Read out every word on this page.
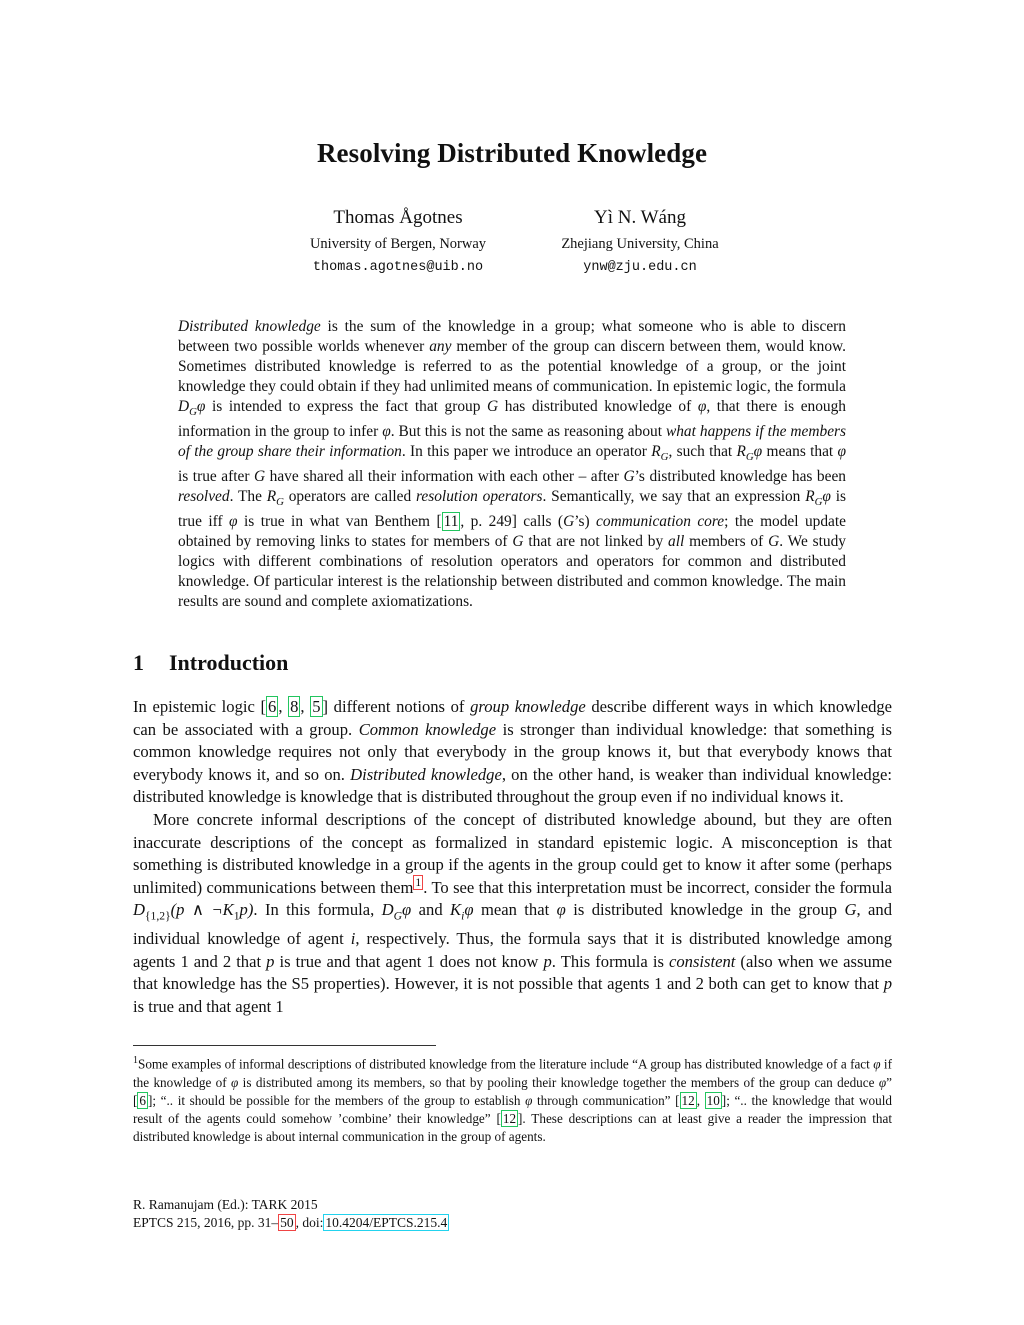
Resolving Distributed Knowledge
Thomas Ågotnes
University of Bergen, Norway
thomas.agotnes@uib.no
Yì N. Wáng
Zhejiang University, China
ynw@zju.edu.cn
Distributed knowledge is the sum of the knowledge in a group; what someone who is able to discern between two possible worlds whenever any member of the group can discern between them, would know. Sometimes distributed knowledge is referred to as the potential knowledge of a group, or the joint knowledge they could obtain if they had unlimited means of communication. In epistemic logic, the formula $D_G\varphi$ is intended to express the fact that group G has distributed knowledge of φ, that there is enough information in the group to infer φ. But this is not the same as reasoning about what happens if the members of the group share their information. In this paper we introduce an operator $R_G$, such that $R_G\varphi$ means that φ is true after G have shared all their information with each other – after G’s distributed knowledge has been resolved. The $R_G$ operators are called resolution operators. Semantically, we say that an expression $R_G\varphi$ is true iff φ is true in what van Benthem [ 11 , p. 249] calls (G’s) communication core; the model update obtained by removing links to states for members of G that are not linked by all members of G. We study logics with different combinations of resolution operators and operators for common and distributed knowledge. Of particular interest is the relationship between distributed and common knowledge. The main results are sound and complete axiomatizations.
1 Introduction

In epistemic logic [ 6 , 8 , 5 ] different notions of group knowledge describe different ways in which knowledge can be associated with a group. Common knowledge is stronger than individual knowledge: that something is common knowledge requires not only that everybody in the group knows it, but that everybody knows that everybody knows it, and so on. Distributed knowledge, on the other hand, is weaker than individual knowledge: distributed knowledge is knowledge that is distributed throughout the group even if no individual knows it.

More concrete informal descriptions of the concept of distributed knowledge abound, but they are often inaccurate descriptions of the concept as formalized in standard epistemic logic. A misconception is that something is distributed knowledge in a group if the agents in the group could get to know it after some (perhaps unlimited) communications between them $^1$ . To see that this interpretation must be incorrect, consider the formula $D_{\{1,2\}}(p$ ∧ $\neg K_1p$). In this formula, $D_G\varphi$ and $K_i\varphi$ mean that φ is distributed knowledge in the group G, and individual knowledge of agent i, respectively. Thus, the formula says that it is distributed knowledge among agents 1 and 2 that p is true and that agent 1 does not know p. This formula is consistent (also when we assume that knowledge has the S5 properties). However, it is not possible that agents 1 and 2 both can get to know that p is true and that agent 1

$^1$Some examples of informal descriptions of distributed knowledge from the literature include “A group has distributed knowledge of a fact φ if the knowledge of φ is distributed among its members, so that by pooling their knowledge together the members of the group can deduce φ” [ 6 ]; “.. it should be possible for the members of the group to establish φ through communication” [ 12 , 10 ]; “.. the knowledge that would result of the agents could somehow ’combine’ their knowledge” [ 12 ]. These descriptions can at least give a reader the impression that distributed knowledge is about internal communication in the group of agents.
R. Ramanujam (Ed.): TARK 2015
EPTCS 215, 2016, pp. 31– 50 , doi: 10.4204/EPTCS.215.4
